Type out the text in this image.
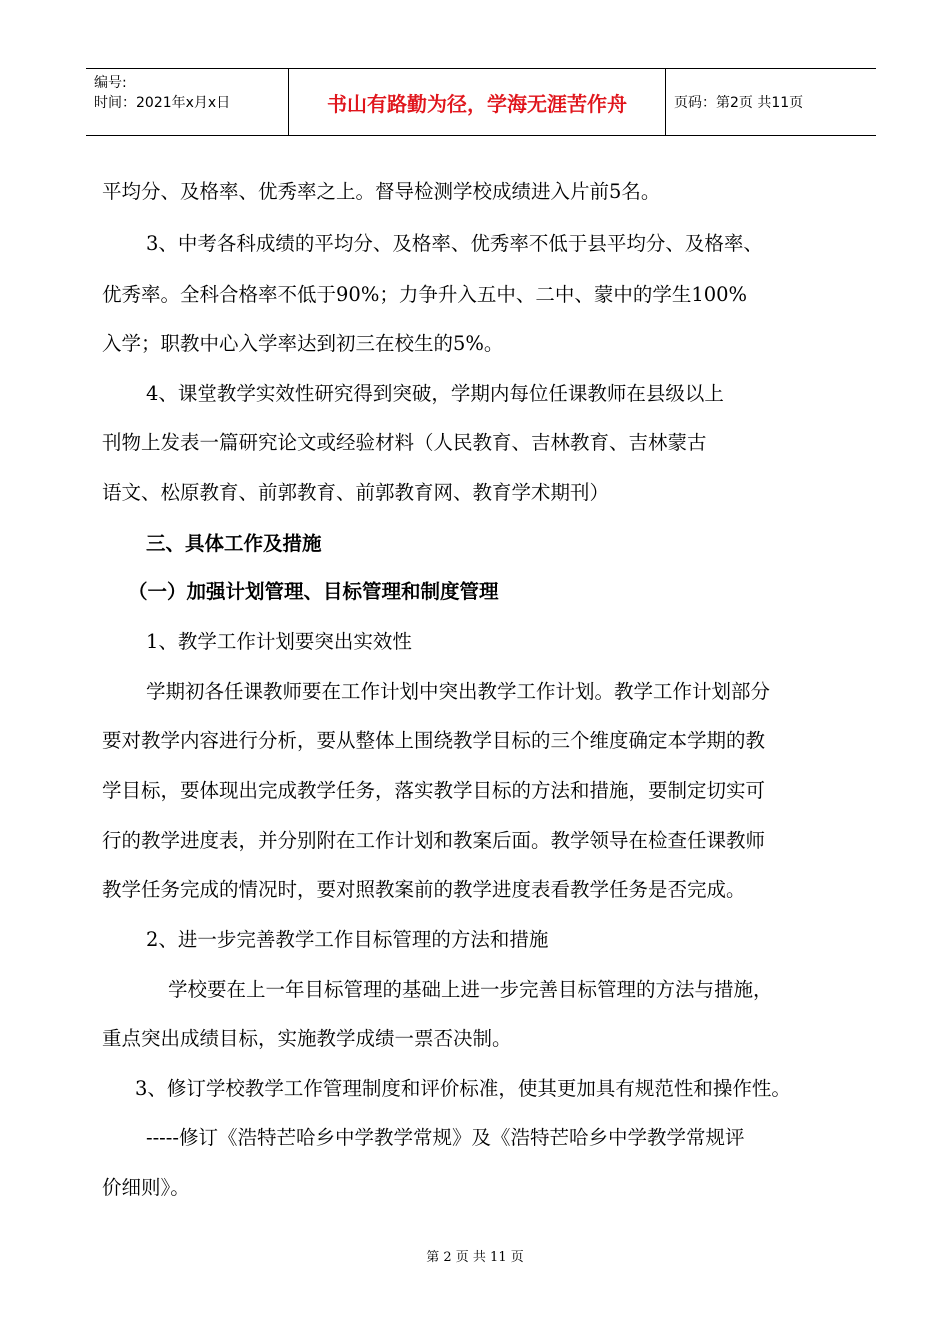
编号:
时间：2021年x月x日	书山有路勤为径，学海无涯苦作舟	页码：第2页 共11页
平均分、及格率、优秀率之上。督导检测学校成绩进入片前5名。
3、中考各科成绩的平均分、及格率、优秀率不低于县平均分、及格率、
优秀率。全科合格率不低于90%；力争升入五中、二中、蒙中的学生100%
入学；职教中心入学率达到初三在校生的5%。
4、课堂教学实效性研究得到突破，学期内每位任课教师在县级以上
刊物上发表一篇研究论文或经验材料（人民教育、吉林教育、吉林蒙古
语文、松原教育、前郭教育、前郭教育网、教育学术期刊）
三、具体工作及措施
（一）加强计划管理、目标管理和制度管理
1、教学工作计划要突出实效性
学期初各任课教师要在工作计划中突出教学工作计划。教学工作计划部分
要对教学内容进行分析，要从整体上围绕教学目标的三个维度确定本学期的教
学目标，要体现出完成教学任务，落实教学目标的方法和措施，要制定切实可
行的教学进度表，并分别附在工作计划和教案后面。教学领导在检查任课教师
教学任务完成的情况时，要对照教案前的教学进度表看教学任务是否完成。
2、进一步完善教学工作目标管理的方法和措施
学校要在上一年目标管理的基础上进一步完善目标管理的方法与措施，
重点突出成绩目标，实施教学成绩一票否决制。
3、修订学校教学工作管理制度和评价标准，使其更加具有规范性和操作性。
-----修订《浩特芒哈乡中学教学常规》及《浩特芒哈乡中学教学常规评
价细则》。
第 2 页 共 11 页
